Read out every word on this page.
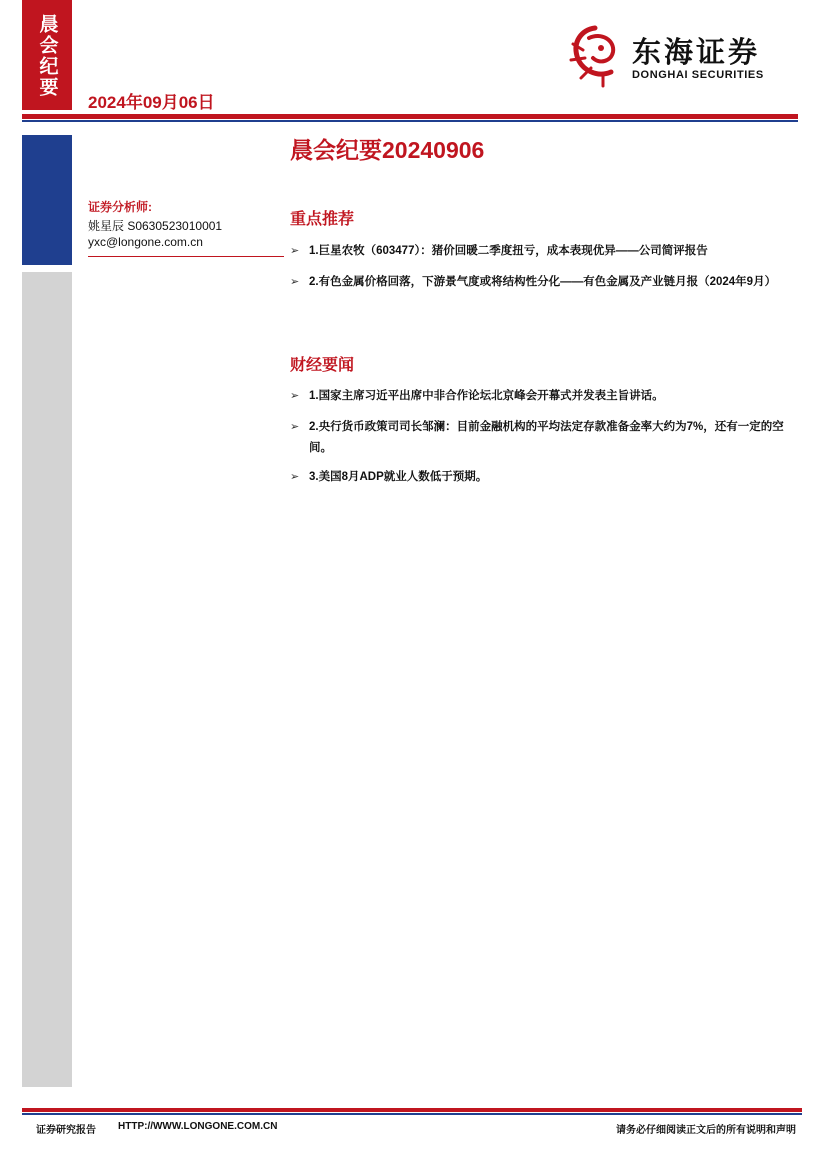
晨会纪要
2024年09月06日
东海证券
DONGHAI SECURITIES
晨会纪要20240906
证券分析师:
姚星辰 S0630523010001
yxc@longone.com.cn
重点推荐
➢ 1.巨星农牧（603477）：猪价回暖二季度扭亏，成本表现优异——公司简评报告
➢ 2.有色金属价格回落，下游景气度或将结构性分化——有色金属及产业链月报（2024年9月）
财经要闻
➢ 1.国家主席习近平出席中非合作论坛北京峰会开幕式并发表主旨讲话。
➢ 2.央行货币政策司司长邹澜：目前金融机构的平均法定存款准备金率大约为7%，还有一定的空间。
➢ 3.美国8月ADP就业人数低于预期。
证券研究报告 HTTP://WWW.LONGONE.COM.CN	请务必仔细阅读正文后的所有说明和声明
